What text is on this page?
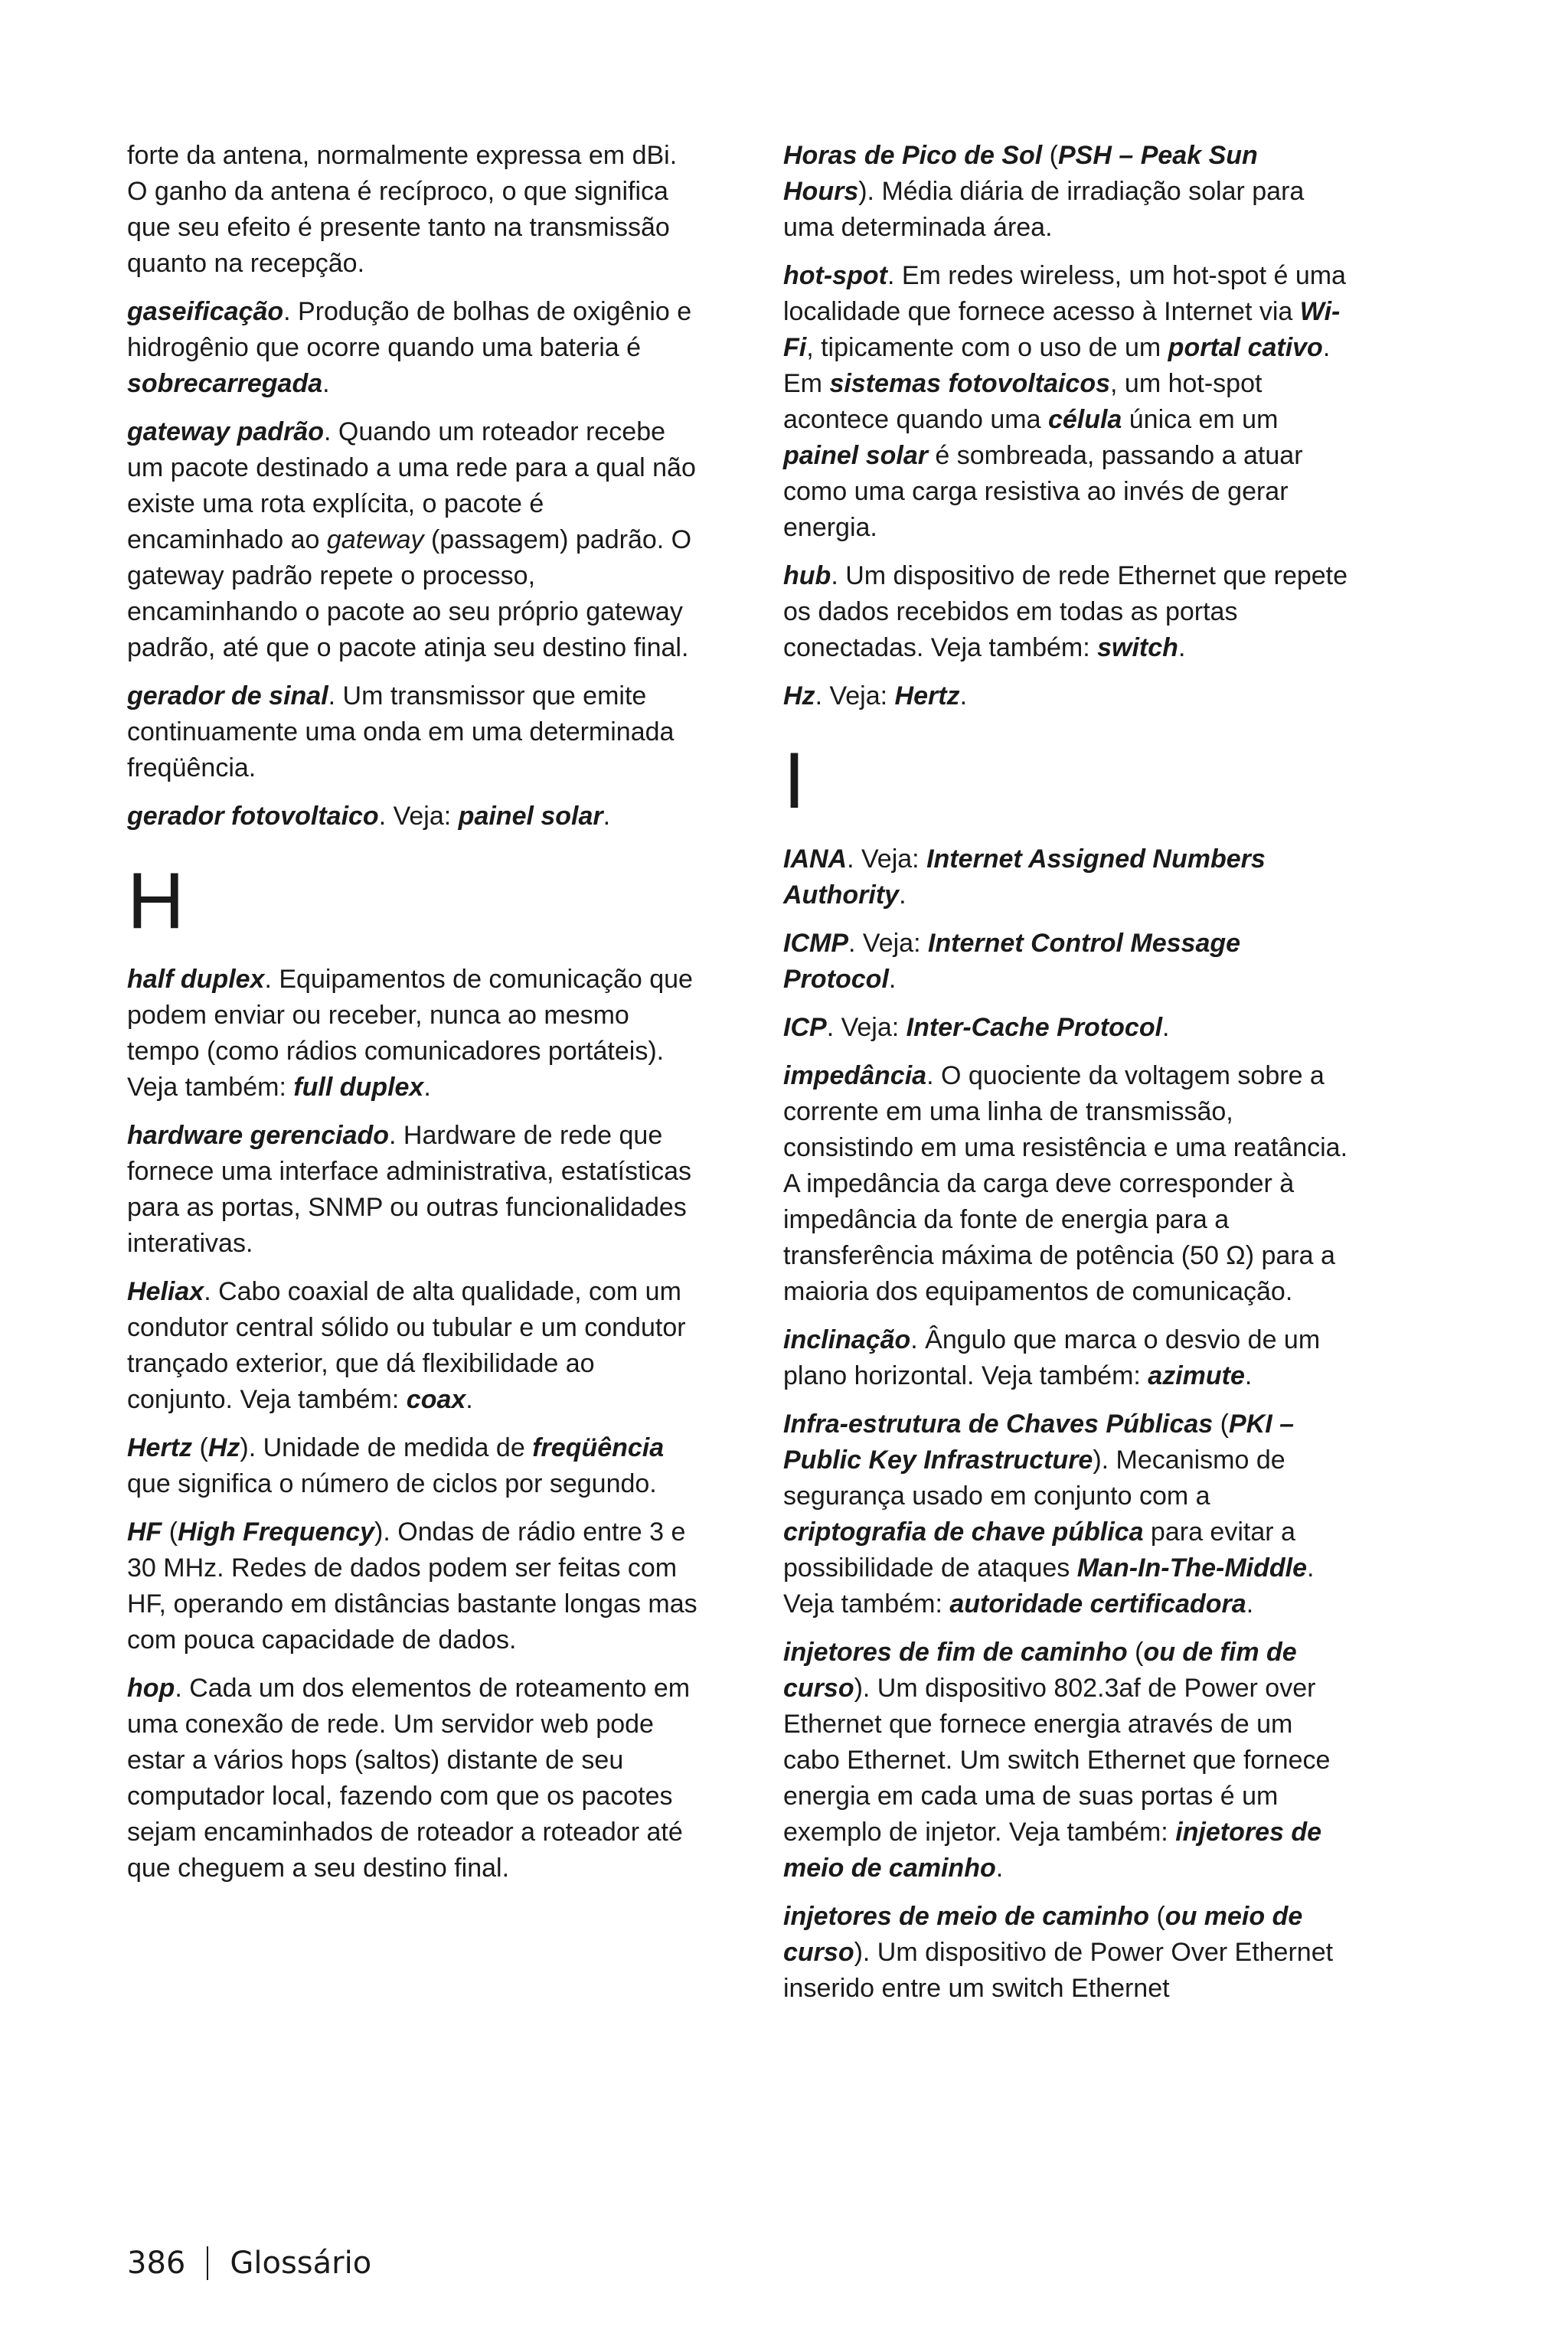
forte da antena, normalmente expressa em dBi. O ganho da antena é recíproco, o que significa que seu efeito é presente tanto na transmissão quanto na recepção.

gaseificação. Produção de bolhas de oxigênio e hidrogênio que ocorre quando uma bateria é sobrecarregada.

gateway padrão. Quando um roteador recebe um pacote destinado a uma rede para a qual não existe uma rota explícita, o pacote é encaminhado ao gateway (passagem) padrão. O gateway padrão repete o processo, encaminhando o pacote ao seu próprio gateway padrão, até que o pacote atinja seu destino final.

gerador de sinal. Um transmissor que emite continuamente uma onda em uma determinada freqüência.

gerador fotovoltaico. Veja: painel solar.

H

half duplex. Equipamentos de comunicação que podem enviar ou receber, nunca ao mesmo tempo (como rádios comunicadores portáteis). Veja também: full duplex.

hardware gerenciado. Hardware de rede que fornece uma interface administrativa, estatísticas para as portas, SNMP ou outras funcionalidades interativas.

Heliax. Cabo coaxial de alta qualidade, com um condutor central sólido ou tubular e um condutor trançado exterior, que dá flexibilidade ao conjunto. Veja também: coax.

Hertz (Hz). Unidade de medida de freqüência que significa o número de ciclos por segundo.

HF (High Frequency). Ondas de rádio entre 3 e 30 MHz. Redes de dados podem ser feitas com HF, operando em distâncias bastante longas mas com pouca capacidade de dados.

hop. Cada um dos elementos de roteamento em uma conexão de rede. Um servidor web pode estar a vários hops (saltos) distante de seu computador local, fazendo com que os pacotes sejam encaminhados de roteador a roteador até que cheguem a seu destino final.

Horas de Pico de Sol (PSH – Peak Sun Hours). Média diária de irradiação solar para uma determinada área.

hot-spot. Em redes wireless, um hot-spot é uma localidade que fornece acesso à Internet via Wi-Fi, tipicamente com o uso de um portal cativo. Em sistemas fotovoltaicos, um hot-spot acontece quando uma célula única em um painel solar é sombreada, passando a atuar como uma carga resistiva ao invés de gerar energia.

hub. Um dispositivo de rede Ethernet que repete os dados recebidos em todas as portas conectadas. Veja também: switch.

Hz. Veja: Hertz.

I

IANA. Veja: Internet Assigned Numbers Authority.

ICMP. Veja: Internet Control Message Protocol.

ICP. Veja: Inter-Cache Protocol.

impedância. O quociente da voltagem sobre a corrente em uma linha de transmissão, consistindo em uma resistência e uma reatância. A impedância da carga deve corresponder à impedância da fonte de energia para a transferência máxima de potência (50 Ω) para a maioria dos equipamentos de comunicação.

inclinação. Ângulo que marca o desvio de um plano horizontal. Veja também: azimute.

Infra-estrutura de Chaves Públicas (PKI – Public Key Infrastructure). Mecanismo de segurança usado em conjunto com a criptografia de chave pública para evitar a possibilidade de ataques Man-In-The-Middle. Veja também: autoridade certificadora.

injetores de fim de caminho (ou de fim de curso). Um dispositivo 802.3af de Power over Ethernet que fornece energia através de um cabo Ethernet. Um switch Ethernet que fornece energia em cada uma de suas portas é um exemplo de injetor. Veja também: injetores de meio de caminho.

injetores de meio de caminho (ou meio de curso). Um dispositivo de Power Over Ethernet inserido entre um switch Ethernet

386 Glossário
